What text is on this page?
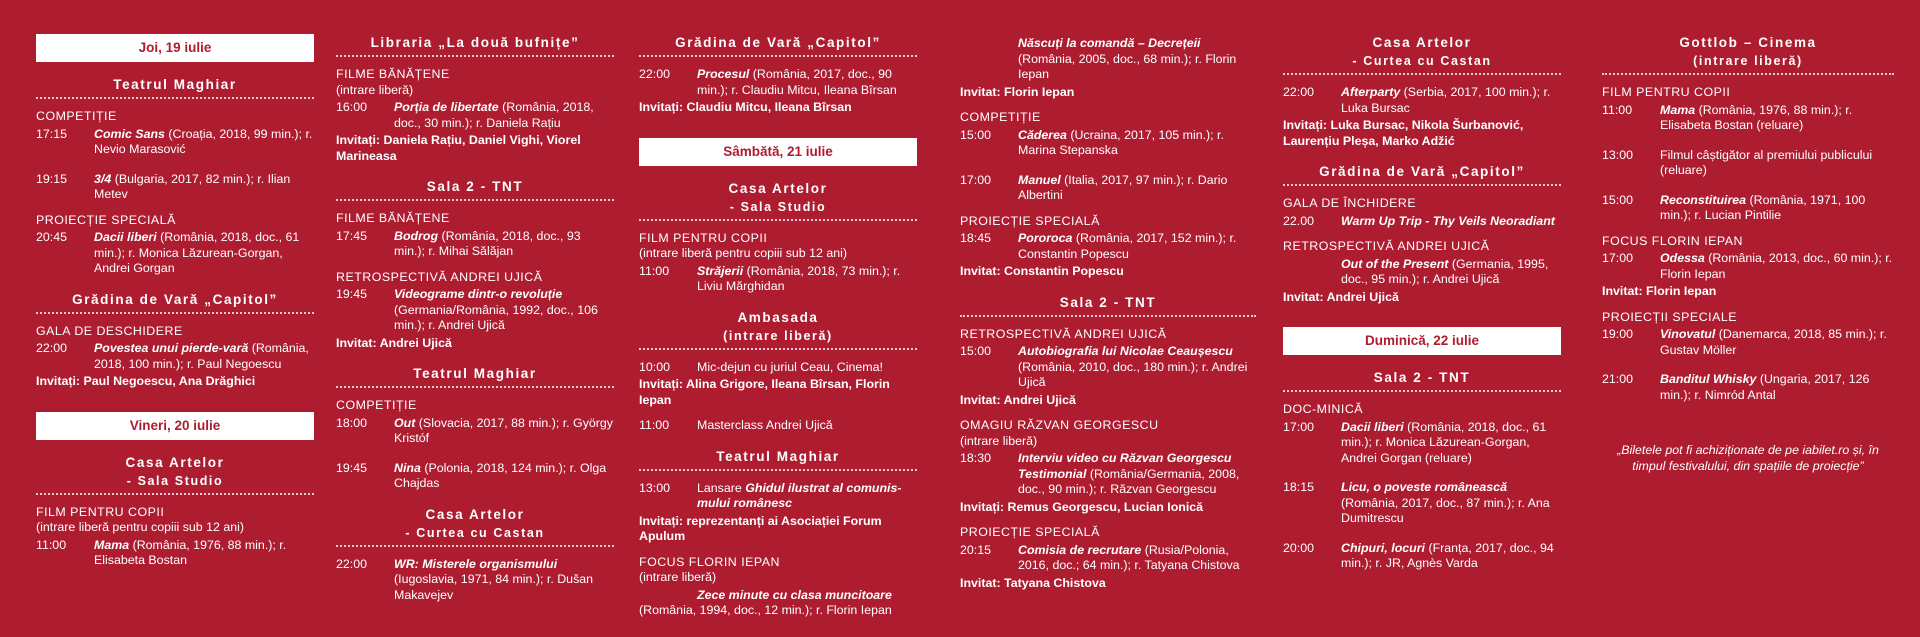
Joi, 19 iulie
Teatrul Maghiar
COMPETIȚIE
17:15	Comic Sans (Croația, 2018, 99 min.); r. Nevio Marasović
19:15	3/4 (Bulgaria, 2017, 82 min.); r. Ilian Metev
PROIECȚIE SPECIALĂ
20:45	Dacii liberi (România, 2018, doc., 61 min.); r. Monica Lăzurean-Gorgan, Andrei Gorgan
Grădina de Vară „Capitol”
GALA DE DESCHIDERE
22:00	Povestea unui pierde-vară (România, 2018, 100 min.); r. Paul Negoescu
Invitați: Paul Negoescu, Ana Drăghici
Vineri, 20 iulie
Casa Artelor
- Sala Studio
FILM PENTRU COPII
(intrare liberă pentru copiii sub 12 ani)
11:00	Mama (România, 1976, 88 min.); r. Elisabeta Bostan
Libraria „La două bufnițe”
FILME BĂNĂȚENE
(intrare liberă)
16:00	Porția de libertate (România, 2018, doc., 30 min.); r. Daniela Rațiu
Invitați: Daniela Rațiu, Daniel Vighi, Viorel Marineasa
Sala 2 - TNT
FILME BĂNĂȚENE
17:45	Bodrog (România, 2018, doc., 93 min.); r. Mihai Sălăjan
RETROSPECTIVĂ ANDREI UJICĂ
19:45	Videograme dintr-o revoluție (Germania/România, 1992, doc., 106 min.); r. Andrei Ujică
Invitat: Andrei Ujică
Teatrul Maghiar
COMPETIȚIE
18:00	Out (Slovacia, 2017, 88 min.); r. György Kristóf
19:45	Nina (Polonia, 2018, 124 min.); r. Olga Chajdas
Casa Artelor
- Curtea cu Castan
22:00	WR: Misterele organismului (Iugoslavia, 1971, 84 min.); r. Dušan Makavejev
Grădina de Vară „Capitol”
22:00	Procesul (România, 2017, doc., 90 min.); r. Claudiu Mitcu, Ileana Bîrsan
Invitați: Claudiu Mitcu, Ileana Bîrsan
Sâmbătă, 21 iulie
Casa Artelor
- Sala Studio
FILM PENTRU COPII
(intrare liberă pentru copiii sub 12 ani)
11:00	Străjerii (România, 2018, 73 min.); r. Liviu Mărghidan
Ambasada
(intrare liberă)
10:00	Mic-dejun cu juriul Ceau, Cinema!
Invitați: Alina Grigore, Ileana Bîrsan, Florin Iepan
11:00	Masterclass Andrei Ujică
Teatrul Maghiar
13:00	Lansare Ghidul ilustrat al comunis-mului românesc
Invitați: reprezentanți ai Asociației Forum Apulum
FOCUS FLORIN IEPAN
(intrare liberă)
Zece minute cu clasa muncitoare
(România, 1994, doc., 12 min.); r. Florin Iepan
Născuți la comandă – Decrețeii (România, 2005, doc., 68 min.); r. Florin Iepan
Invitat: Florin Iepan
COMPETIȚIE
15:00	Căderea (Ucraina, 2017, 105 min.); r. Marina Stepanska
17:00	Manuel (Italia, 2017, 97 min.); r. Dario Albertini
PROIECȚIE SPECIALĂ
18:45	Pororoca (România, 2017, 152 min.); r. Constantin Popescu
Invitat: Constantin Popescu
Sala 2 - TNT
RETROSPECTIVĂ ANDREI UJICĂ
15:00	Autobiografia lui Nicolae Ceaușescu (România, 2010, doc., 180 min.); r. Andrei Ujică
Invitat: Andrei Ujică
OMAGIU RĂZVAN GEORGESCU
(intrare liberă)
18:30	Interviu video cu Răzvan Georgescu Testimonial (România/Germania, 2008, doc., 90 min.); r. Răzvan Georgescu
Invitați: Remus Georgescu, Lucian Ionică
PROIECȚIE SPECIALĂ
20:15	Comisia de recrutare (Rusia/Polonia, 2016, doc.; 64 min.); r. Tatyana Chistova
Invitat: Tatyana Chistova
Casa Artelor
- Curtea cu Castan
22:00	Afterparty (Serbia, 2017, 100 min.); r. Luka Bursac
Invitați: Luka Bursac, Nikola Šurbanović, Laurențiu Pleșa, Marko Adžić
Grădina de Vară „Capitol”
GALA DE ÎNCHIDERE
22.00	Warm Up Trip - Thy Veils Neoradiant
RETROSPECTIVĂ ANDREI UJICĂ
Out of the Present (Germania, 1995, doc., 95 min.); r. Andrei Ujică
Invitat: Andrei Ujică
Duminică, 22 iulie
Sala 2 - TNT
DOC-MINICĂ
17:00	Dacii liberi (România, 2018, doc., 61 min.); r. Monica Lăzurean-Gorgan, Andrei Gorgan (reluare)
18:15	Licu, o poveste românească (România, 2017, doc., 87 min.); r. Ana Dumitrescu
20:00	Chipuri, locuri (Franța, 2017, doc., 94 min.); r. JR, Agnès Varda
Gottlob – Cinema
(intrare liberă)
FILM PENTRU COPII
11:00	Mama (România, 1976, 88 min.); r. Elisabeta Bostan (reluare)
13:00	Filmul câștigător al premiului publicului (reluare)
15:00	Reconstituirea (România, 1971, 100 min.); r. Lucian Pintilie
FOCUS FLORIN IEPAN
17:00	Odessa (România, 2013, doc., 60 min.); r. Florin Iepan
Invitat: Florin Iepan
PROIECȚII SPECIALE
19:00	Vinovatul (Danemarca, 2018, 85 min.); r. Gustav Möller
21:00	Banditul Whisky (Ungaria, 2017, 126 min.); r. Nimród Antal
„Biletele pot fi achiziționate de pe iabilet.ro și, în timpul festivalului, din spațiile de proiecție”
